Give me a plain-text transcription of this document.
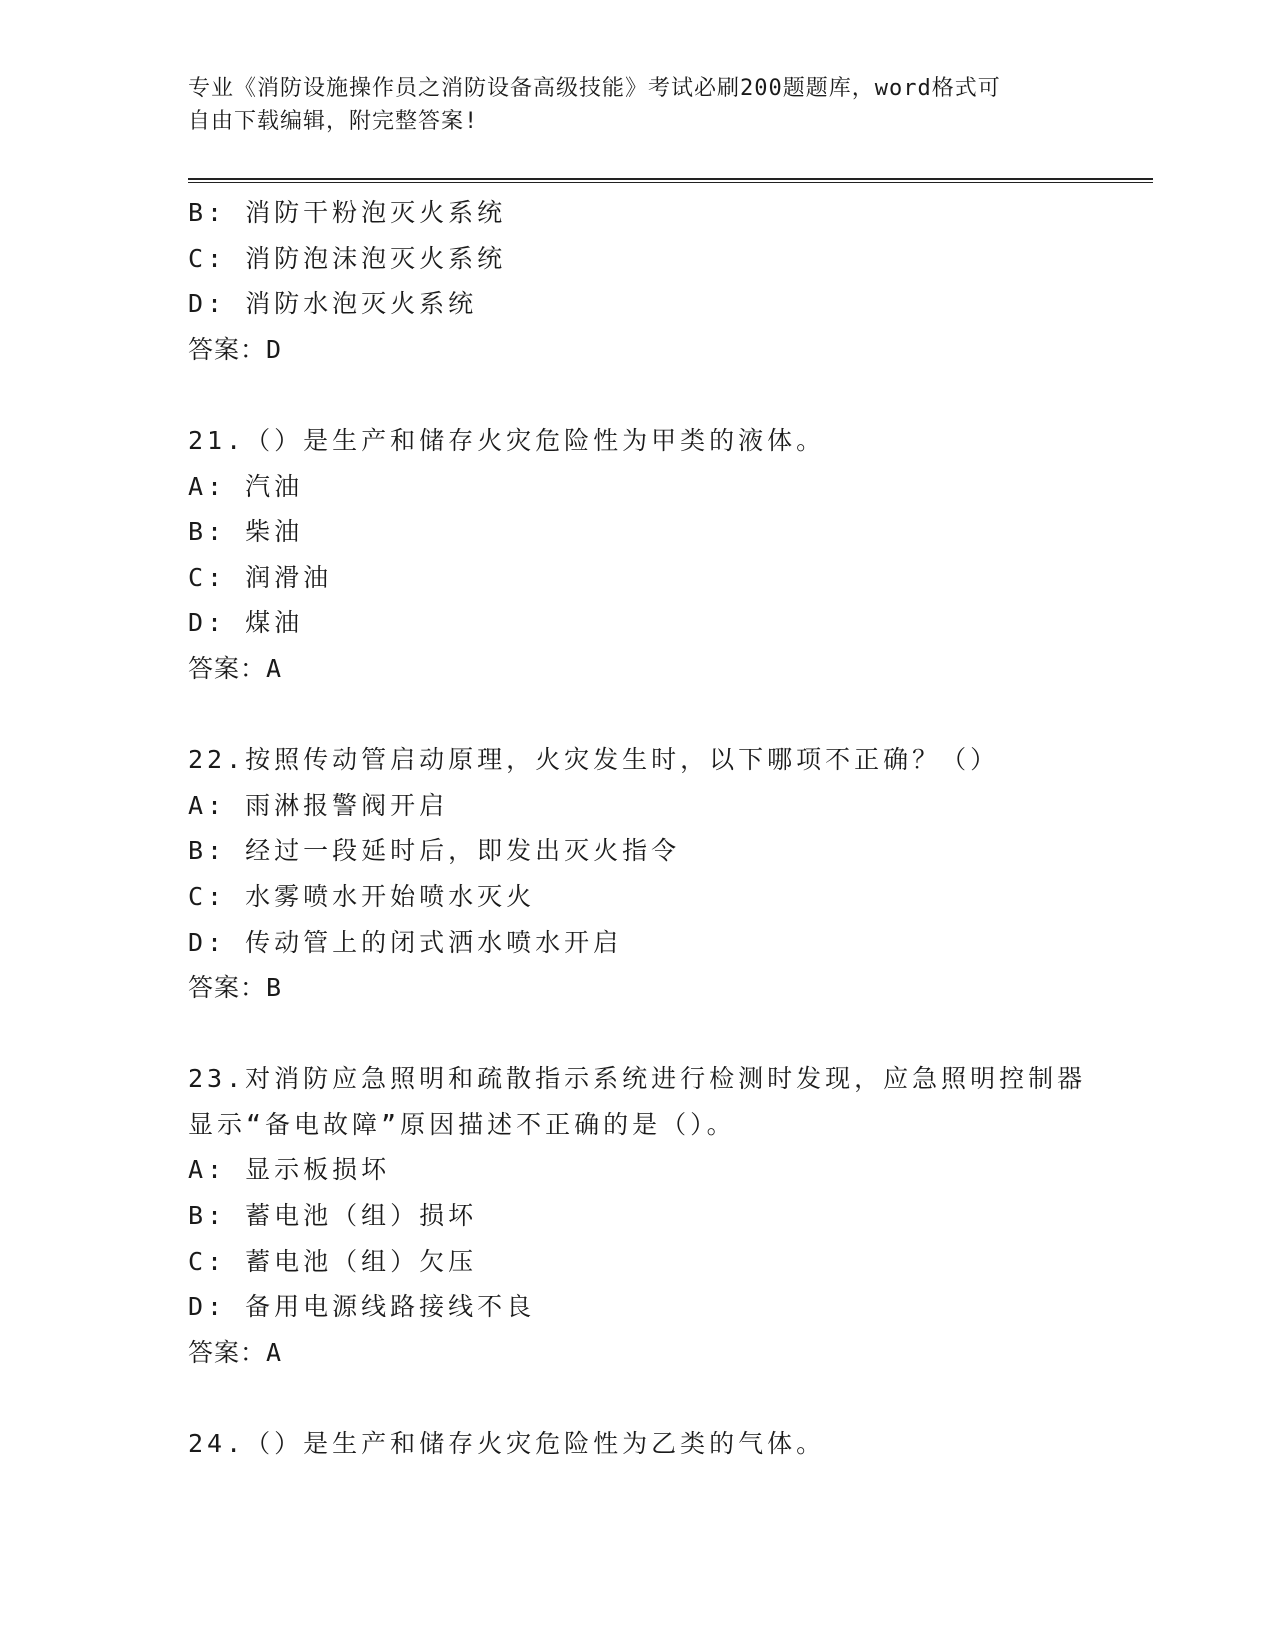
专业《消防设施操作员之消防设备高级技能》考试必刷200题题库，word格式可
自由下载编辑，附完整答案!
B: 消防干粉泡灭火系统
C: 消防泡沫泡灭火系统
D: 消防水泡灭火系统
答案：D
21.（）是生产和储存火灾危险性为甲类的液体。
A: 汽油
B: 柴油
C: 润滑油
D: 煤油
答案：A
22.按照传动管启动原理，火灾发生时，以下哪项不正确？（）
A: 雨淋报警阀开启
B: 经过一段延时后，即发出灭火指令
C: 水雾喷水开始喷水灭火
D: 传动管上的闭式洒水喷水开启
答案：B
23.对消防应急照明和疏散指示系统进行检测时发现，应急照明控制器
显示“备电故障”原因描述不正确的是（）。
A: 显示板损坏
B: 蓄电池（组）损坏
C: 蓄电池（组）欠压
D: 备用电源线路接线不良
答案：A
24.（）是生产和储存火灾危险性为乙类的气体。
